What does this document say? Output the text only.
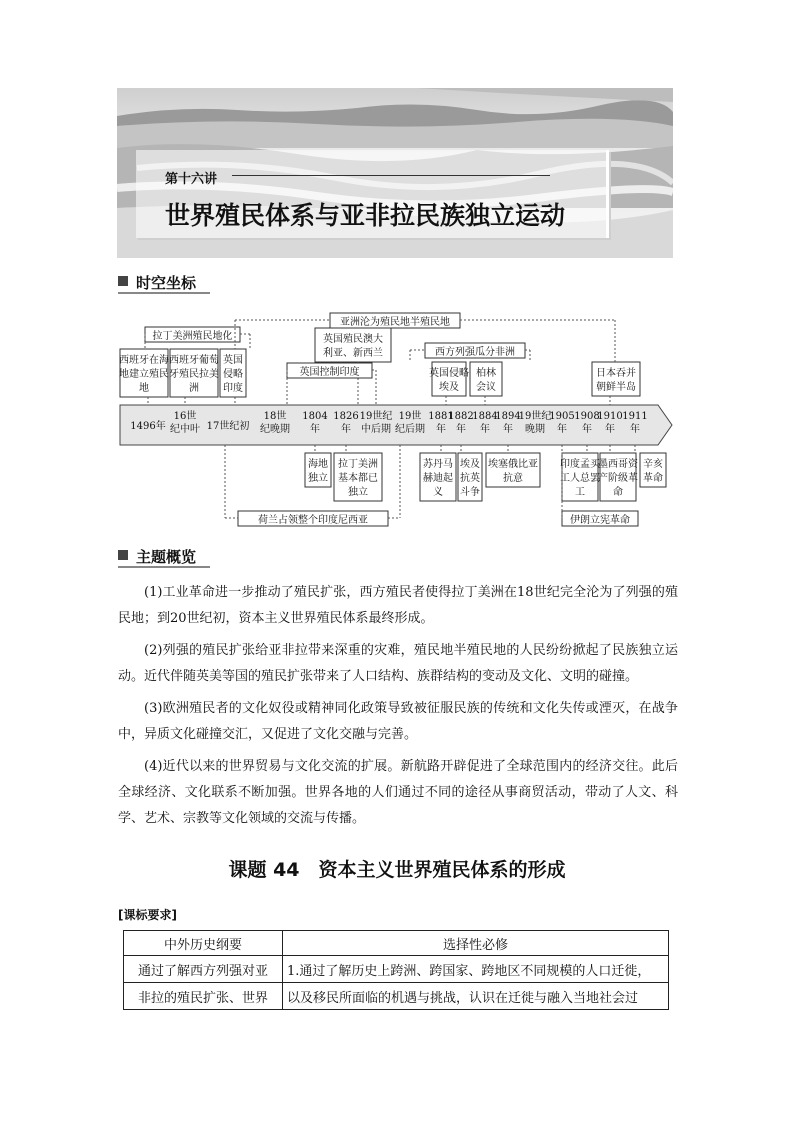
第十六讲
世界殖民体系与亚非拉民族独立运动
时空坐标
1496年
16世
纪中叶 17世纪初
18世
纪晚期
1804
年
1826
年
19世纪
中后期
19世
纪后期
1881
年
1882
年
1884
年
1894
年
19世纪
晚期
1905
年
1908
年
1910
年
1911
年
西班牙在海
地建立殖民
地
西班牙葡萄
牙殖民拉美
洲
英国
侵略
印度
英国殖民澳大
利亚、新西兰
英国侵略
埃及
柏林
会议
日本吞并
朝鲜半岛
亚洲沦为殖民地半殖民地
拉丁美洲殖民地化
西方列强瓜分非洲
英国控制印度
海地
独立
拉丁美洲
基本都已
独立
苏丹马
赫迪起
义
埃及
抗英
斗争
埃塞俄比亚
抗意
印度孟买
工人总罢
工
墨西哥资
产阶级革
命
辛亥
革命
荷兰占领整个印度尼西亚	伊朗立宪革命
主题概览

(1)工业革命进一步推动了殖民扩张，西方殖民者使得拉丁美洲在18世纪完全沦为了列强的殖民地；到20世纪初，资本主义世界殖民体系最终形成。

(2)列强的殖民扩张给亚非拉带来深重的灾难，殖民地半殖民地的人民纷纷掀起了民族独立运动。近代伴随英美等国的殖民扩张带来了人口结构、族群结构的变动及文化、文明的碰撞。

(3)欧洲殖民者的文化奴役或精神同化政策导致被征服民族的传统和文化失传或湮灭，在战争中，异质文化碰撞交汇，又促进了文化交融与完善。

(4)近代以来的世界贸易与文化交流的扩展。新航路开辟促进了全球范围内的经济交往。此后全球经济、文化联系不断加强。世界各地的人们通过不同的途径从事商贸活动，带动了人文、科学、艺术、宗教等文化领域的交流与传播。

课题 44　资本主义世界殖民体系的形成
[课标要求]
中外历史纲要	选择性必修

通过了解西方列强对亚	1.通过了解历史上跨洲、跨国家、跨地区不同规模的人口迁徙，

非拉的殖民扩张、世界	以及移民所面临的机遇与挑战，认识在迁徙与融入当地社会过
